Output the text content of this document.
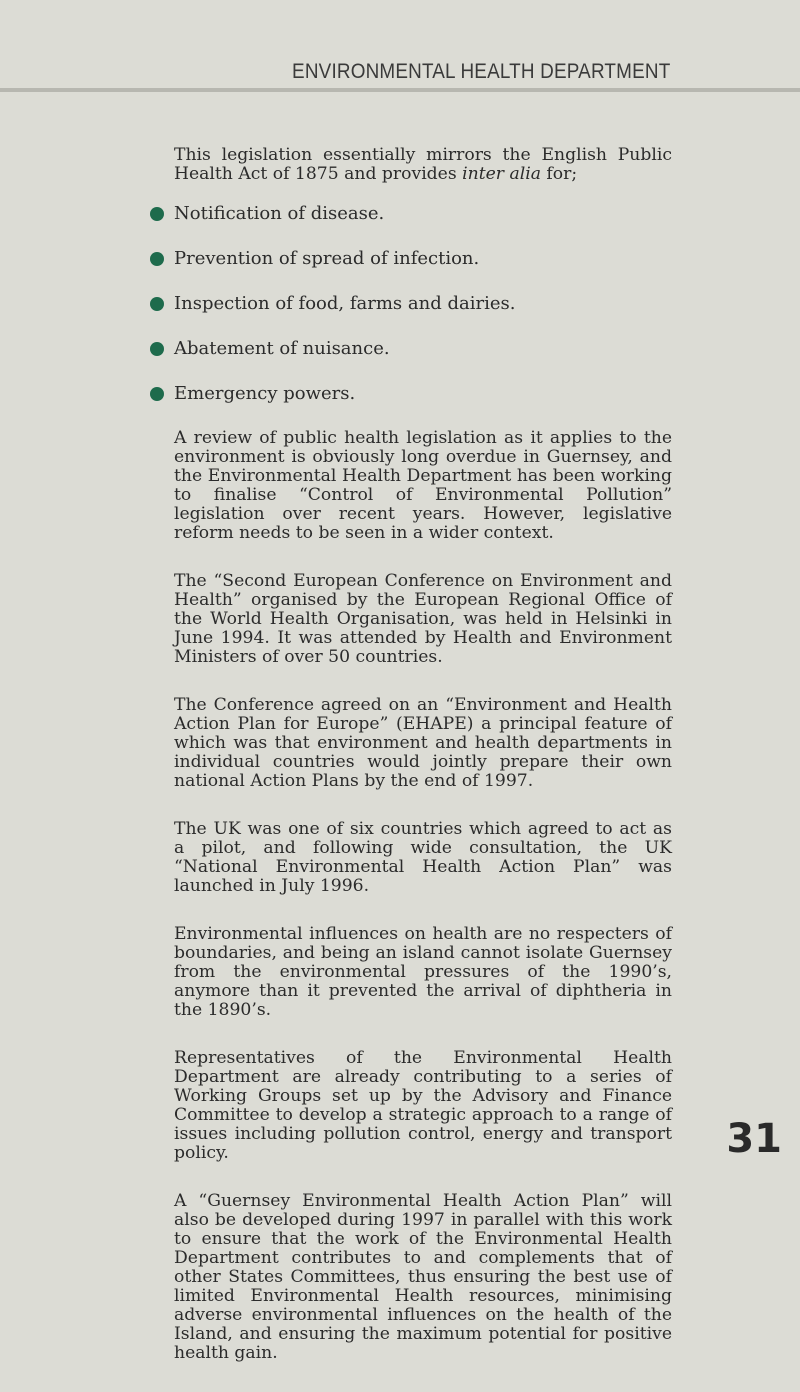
ENVIRONMENTAL HEALTH DEPARTMENT

This legislation essentially mirrors the English Public Health Act of 1875 and provides inter alia for;

Notification of disease.
Prevention of spread of infection.
Inspection of food, farms and dairies.
Abatement of nuisance.
Emergency powers.

A review of public health legislation as it applies to the environment is obviously long overdue in Guernsey, and the Environmental Health Department has been working to finalise “Control of Environmental Pollution” legislation over recent years. However, legislative reform needs to be seen in a wider context.

The “Second European Conference on Environment and Health” organised by the European Regional Office of the World Health Organisation, was held in Helsinki in June 1994. It was attended by Health and Environment Ministers of over 50 countries.

The Conference agreed on an “Environment and Health Action Plan for Europe” (EHAPE) a principal feature of which was that environment and health departments in individual countries would jointly prepare their own national Action Plans by the end of 1997.

The UK was one of six countries which agreed to act as a pilot, and following wide consultation, the UK “National Environmental Health Action Plan” was launched in July 1996.

Environmental influences on health are no respecters of boundaries, and being an island cannot isolate Guernsey from the environmental pressures of the 1990’s, anymore than it prevented the arrival of diphtheria in the 1890’s.

Representatives of the Environmental Health Department are already contributing to a series of Working Groups set up by the Advisory and Finance Committee to develop a strategic approach to a range of issues including pollution control, energy and transport policy.

A “Guernsey Environmental Health Action Plan” will also be developed during 1997 in parallel with this work to ensure that the work of the Environmental Health Department contributes to and complements that of other States Committees, thus ensuring the best use of limited Environmental Health resources, minimising adverse environmental influences on the health of the Island, and ensuring the maximum potential for positive health gain.

31
